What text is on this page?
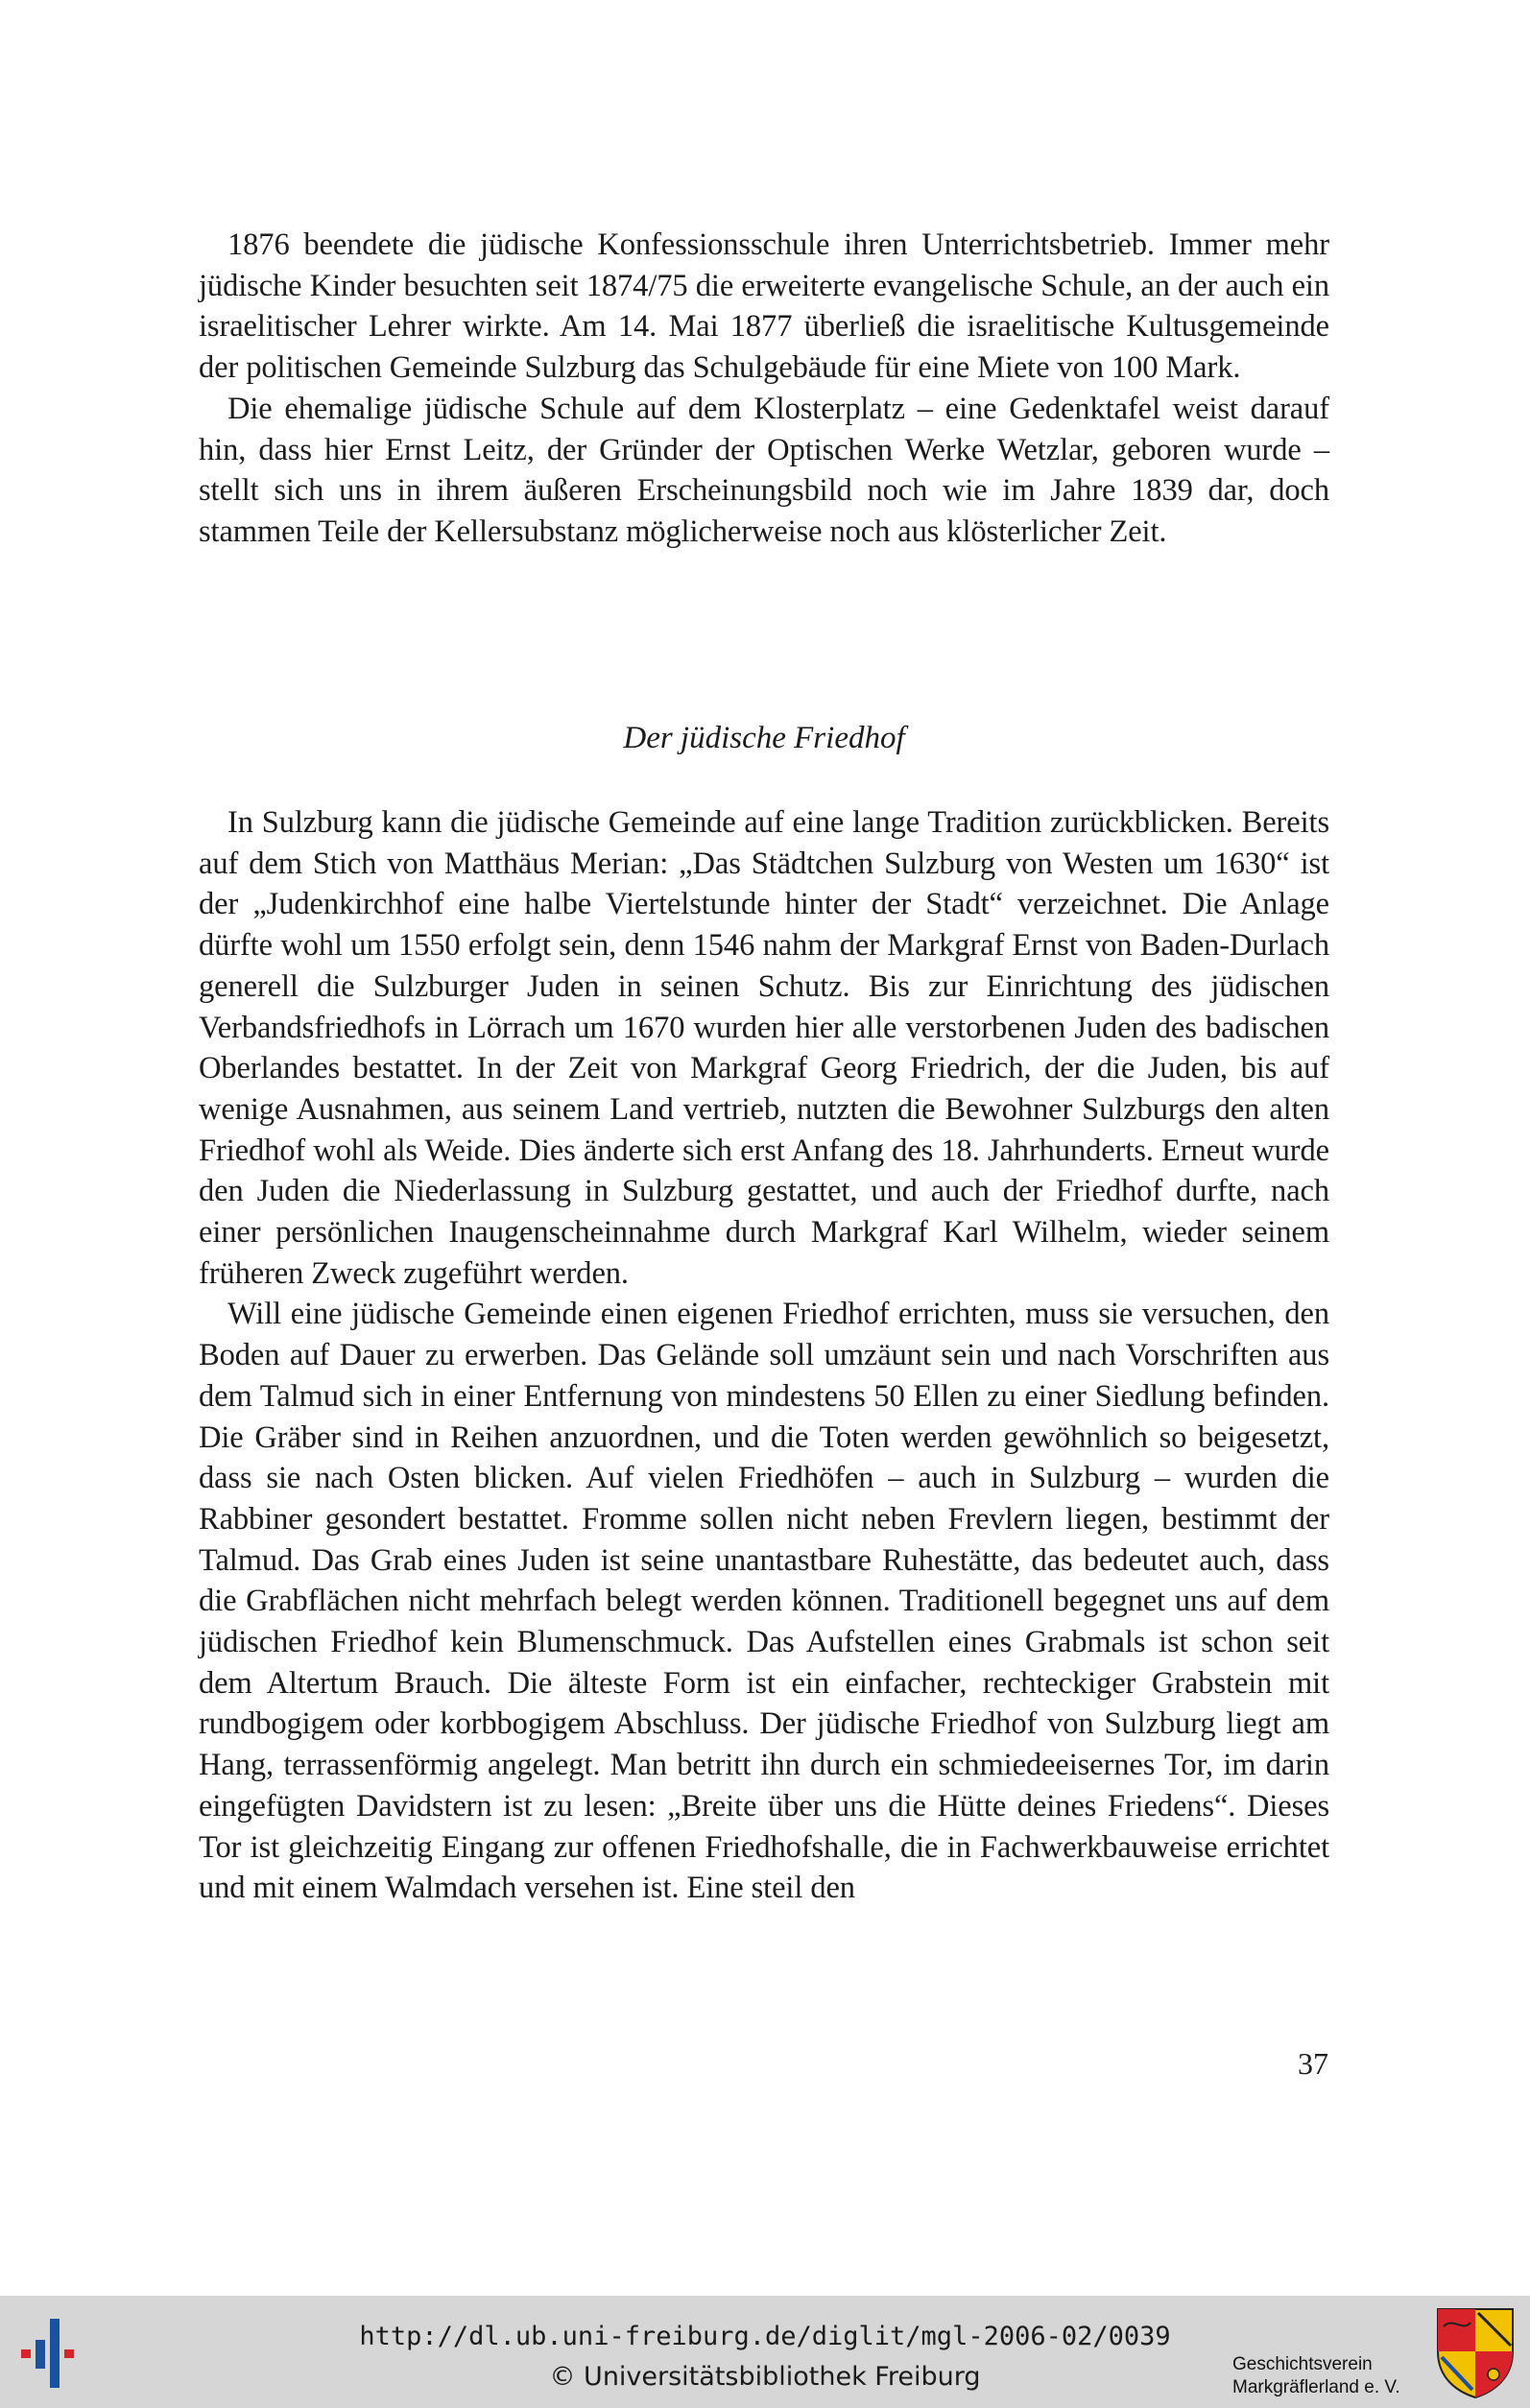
1876 beendete die jüdische Konfessionsschule ihren Unterrichtsbetrieb. Immer mehr jüdische Kinder besuchten seit 1874/75 die erweiterte evangelische Schule, an der auch ein israelitischer Lehrer wirkte. Am 14. Mai 1877 überließ die israelitische Kultusgemeinde der politischen Gemeinde Sulzburg das Schulgebäude für eine Miete von 100 Mark.

Die ehemalige jüdische Schule auf dem Klosterplatz – eine Gedenktafel weist darauf hin, dass hier Ernst Leitz, der Gründer der Optischen Werke Wetzlar, geboren wurde – stellt sich uns in ihrem äußeren Erscheinungsbild noch wie im Jahre 1839 dar, doch stammen Teile der Kellersubstanz möglicherweise noch aus klösterlicher Zeit.

Der jüdische Friedhof

In Sulzburg kann die jüdische Gemeinde auf eine lange Tradition zurückblicken. Bereits auf dem Stich von Matthäus Merian: „Das Städtchen Sulzburg von Westen um 1630“ ist der „Judenkirchhof eine halbe Viertelstunde hinter der Stadt“ verzeichnet. Die Anlage dürfte wohl um 1550 erfolgt sein, denn 1546 nahm der Markgraf Ernst von Baden-Durlach generell die Sulzburger Juden in seinen Schutz. Bis zur Einrichtung des jüdischen Verbandsfriedhofs in Lörrach um 1670 wurden hier alle verstorbenen Juden des badischen Oberlandes bestattet. In der Zeit von Markgraf Georg Friedrich, der die Juden, bis auf wenige Ausnahmen, aus seinem Land vertrieb, nutzten die Bewohner Sulzburgs den alten Friedhof wohl als Weide. Dies änderte sich erst Anfang des 18. Jahrhunderts. Erneut wurde den Juden die Niederlassung in Sulzburg gestattet, und auch der Friedhof durfte, nach einer persönlichen Inaugenscheinnahme durch Markgraf Karl Wilhelm, wieder seinem früheren Zweck zugeführt werden.

Will eine jüdische Gemeinde einen eigenen Friedhof errichten, muss sie versuchen, den Boden auf Dauer zu erwerben. Das Gelände soll umzäunt sein und nach Vorschriften aus dem Talmud sich in einer Entfernung von mindestens 50 Ellen zu einer Siedlung befinden. Die Gräber sind in Reihen anzuordnen, und die Toten werden gewöhnlich so beigesetzt, dass sie nach Osten blicken. Auf vielen Friedhöfen – auch in Sulzburg – wurden die Rabbiner gesondert bestattet. Fromme sollen nicht neben Frevlern liegen, bestimmt der Talmud. Das Grab eines Juden ist seine unantastbare Ruhestätte, das bedeutet auch, dass die Grabflächen nicht mehrfach belegt werden können. Traditionell begegnet uns auf dem jüdischen Friedhof kein Blumenschmuck. Das Aufstellen eines Grabmals ist schon seit dem Altertum Brauch. Die älteste Form ist ein einfacher, rechteckiger Grabstein mit rundbogigem oder korbbogigem Abschluss. Der jüdische Friedhof von Sulzburg liegt am Hang, terrassenförmig angelegt. Man betritt ihn durch ein schmiedeeisernes Tor, im darin eingefügten Davidstern ist zu lesen: „Breite über uns die Hütte deines Friedens“. Dieses Tor ist gleichzeitig Eingang zur offenen Friedhofshalle, die in Fachwerkbauweise errichtet und mit einem Walmdach versehen ist. Eine steil den

37
http://dl.ub.uni-freiburg.de/diglit/mgl-2006-02/0039
© Universitätsbibliothek Freiburg	Geschichtsverein
Markgräflerland e. V.
